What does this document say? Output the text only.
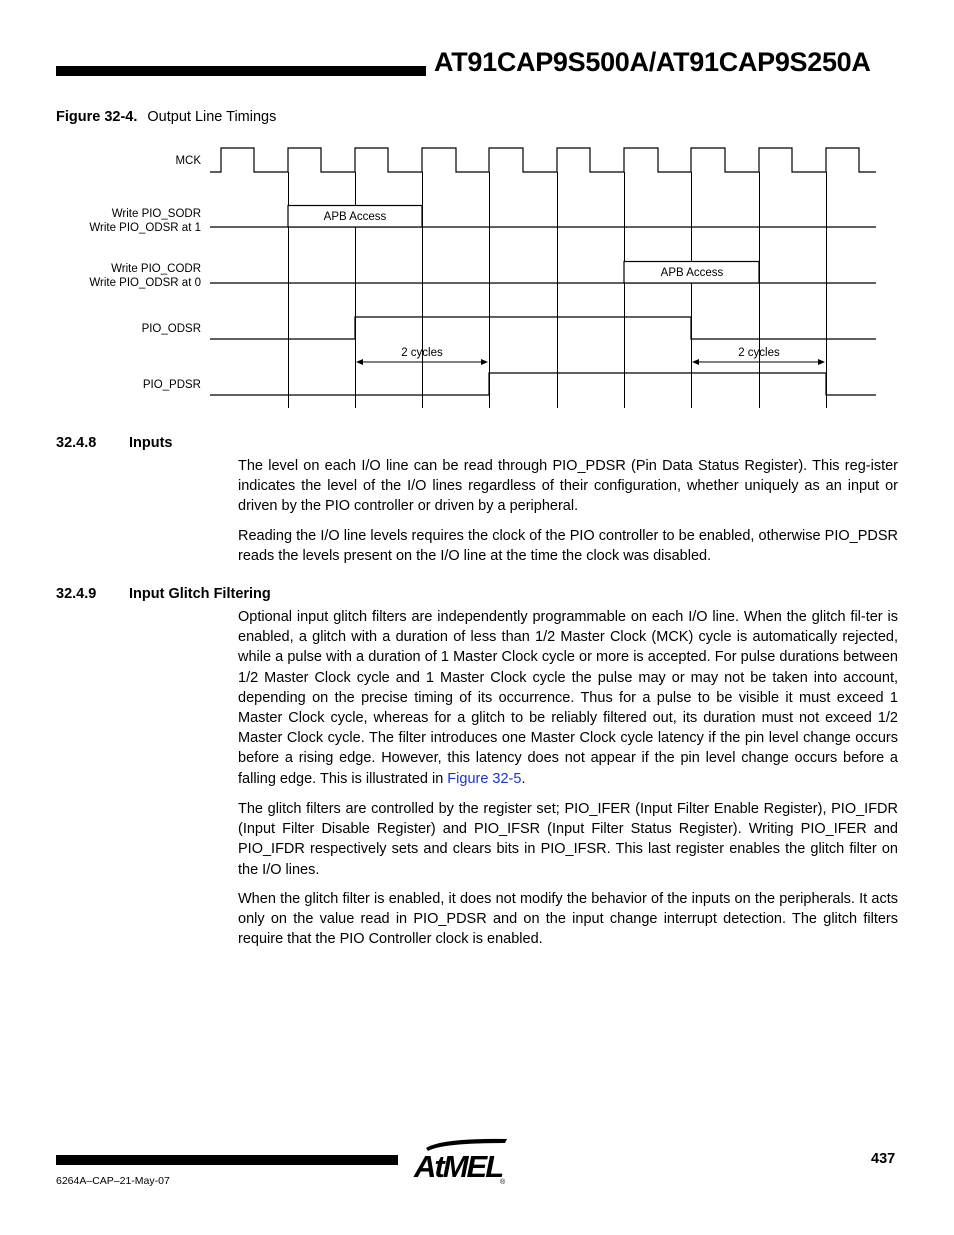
AT91CAP9S500A/AT91CAP9S250A
Figure 32-4. Output Line Timings
MCK
Write PIO_SODR
Write PIO_ODSR at 1
Write PIO_CODR
Write PIO_ODSR at 0
PIO_ODSR
PIO_PDSR
APB Access
APB Access
2 cycles	2 cycles
32.4.8 Inputs

The level on each I/O line can be read through PIO_PDSR (Pin Data Status Register). This reg-ister indicates the level of the I/O lines regardless of their configuration, whether uniquely as an input or driven by the PIO controller or driven by a peripheral.

Reading the I/O line levels requires the clock of the PIO controller to be enabled, otherwise PIO_PDSR reads the levels present on the I/O line at the time the clock was disabled.

32.4.9 Input Glitch Filtering

Optional input glitch filters are independently programmable on each I/O line. When the glitch fil-ter is enabled, a glitch with a duration of less than 1/2 Master Clock (MCK) cycle is automatically rejected, while a pulse with a duration of 1 Master Clock cycle or more is accepted. For pulse durations between 1/2 Master Clock cycle and 1 Master Clock cycle the pulse may or may not be taken into account, depending on the precise timing of its occurrence. Thus for a pulse to be visible it must exceed 1 Master Clock cycle, whereas for a glitch to be reliably filtered out, its duration must not exceed 1/2 Master Clock cycle. The filter introduces one Master Clock cycle latency if the pin level change occurs before a rising edge. However, this latency does not appear if the pin level change occurs before a falling edge. This is illustrated in Figure 32-5.

The glitch filters are controlled by the register set; PIO_IFER (Input Filter Enable Register), PIO_IFDR (Input Filter Disable Register) and PIO_IFSR (Input Filter Status Register). Writing PIO_IFER and PIO_IFDR respectively sets and clears bits in PIO_IFSR. This last register enables the glitch filter on the I/O lines.

When the glitch filter is enabled, it does not modify the behavior of the inputs on the peripherals. It acts only on the value read in PIO_PDSR and on the input change interrupt detection. The glitch filters require that the PIO Controller clock is enabled.

6264A–CAP–21-May-07
437
AtMEL
®
